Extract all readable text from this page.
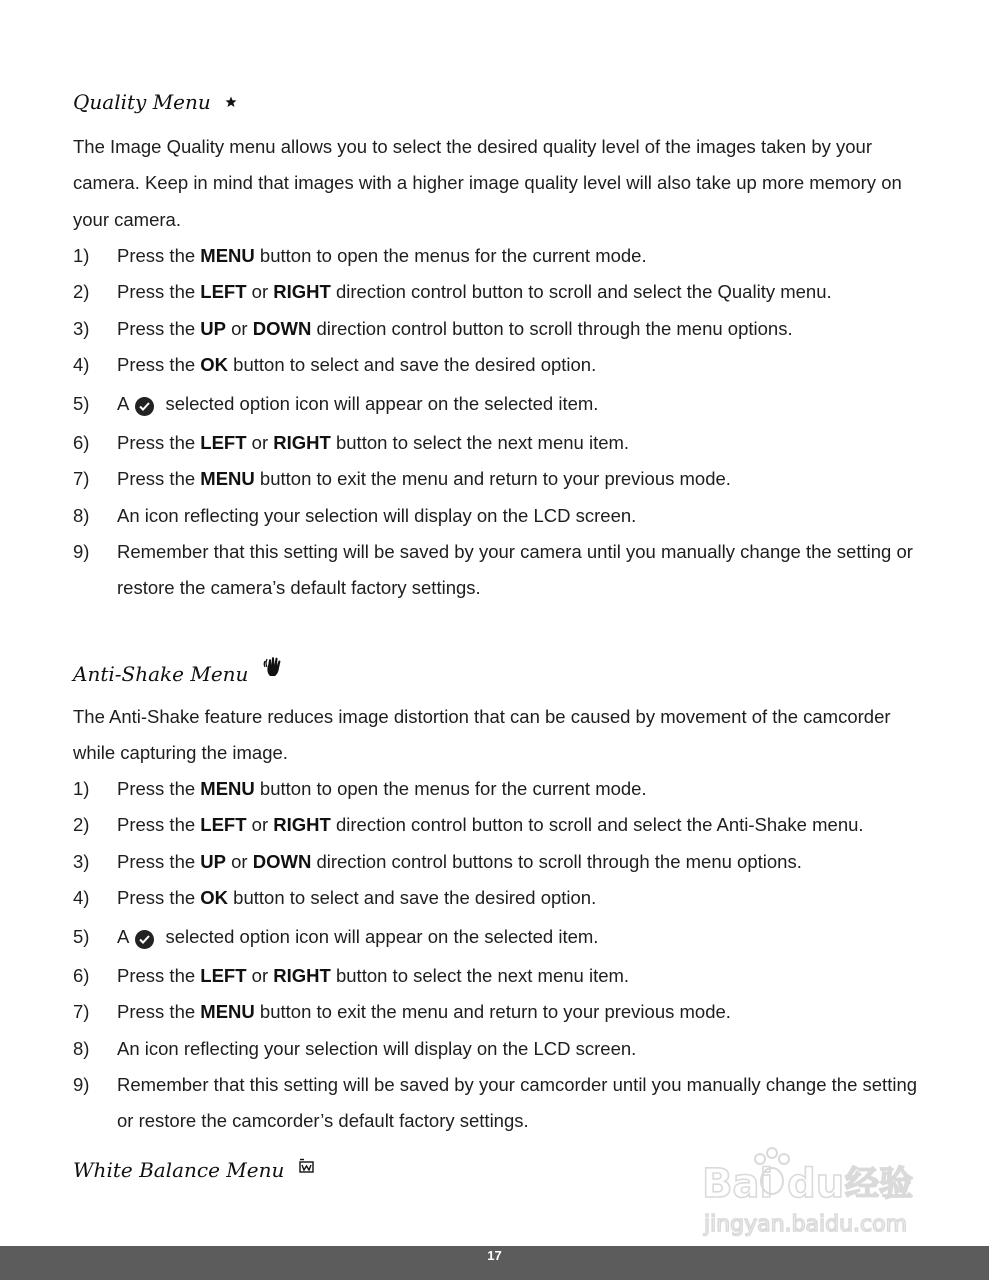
Quality Menu

The Image Quality menu allows you to select the desired quality level of the images taken by your camera. Keep in mind that images with a higher image quality level will also take up more memory on your camera.

1) Press the MENU button to open the menus for the current mode.
2) Press the LEFT or RIGHT direction control button to scroll and select the Quality menu.
3) Press the UP or DOWN direction control button to scroll through the menu options.
4) Press the OK button to select and save the desired option.
5) A
selected option icon will appear on the selected item.
6) Press the LEFT or RIGHT button to select the next menu item.
7) Press the MENU button to exit the menu and return to your previous mode.
8) An icon reflecting your selection will display on the LCD screen.
9) Remember that this setting will be saved by your camera until you manually change the setting or restore the camera’s default factory settings.
Anti-Shake Menu

The Anti-Shake feature reduces image distortion that can be caused by movement of the camcorder while capturing the image.

1) Press the MENU button to open the menus for the current mode.
2) Press the LEFT or RIGHT direction control button to scroll and select the Anti-Shake menu.
3) Press the UP or DOWN direction control buttons to scroll through the menu options.
4) Press the OK button to select and save the desired option.
5) A
selected option icon will appear on the selected item.
6) Press the LEFT or RIGHT button to select the next menu item.
7) Press the MENU button to exit the menu and return to your previous mode.
8) An icon reflecting your selection will display on the LCD screen.
9) Remember that this setting will be saved by your camcorder until you manually change the setting or restore the camcorder’s default factory settings.
White Balance Menu	Bai du 经验
jingyan.baidu.com
17
